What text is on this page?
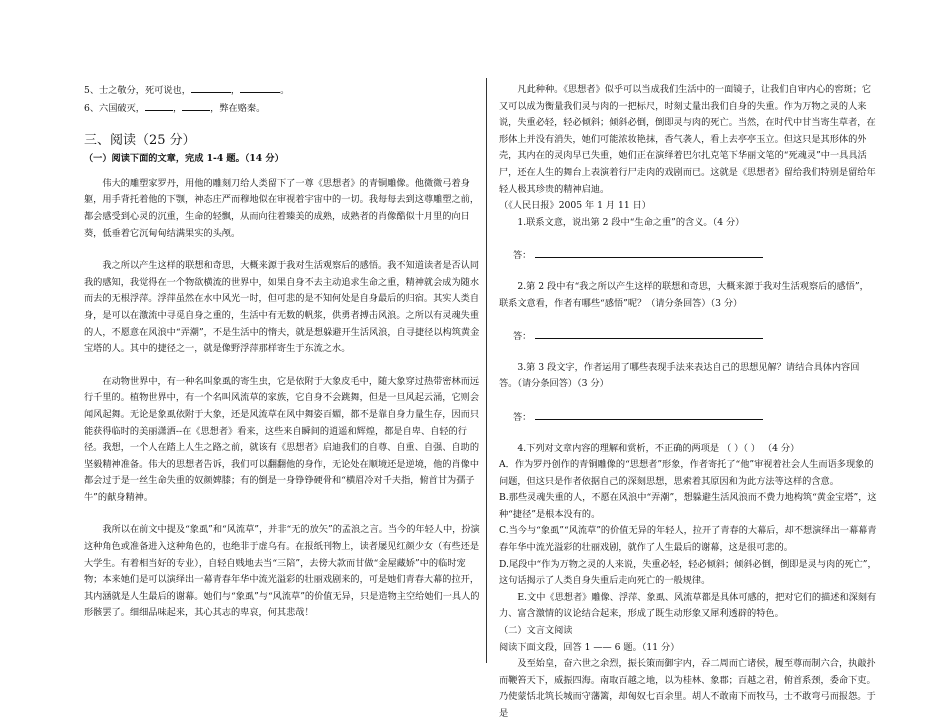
5、士之敬分，死可说也，	，	。

6、六国破灭，	，	，弊在赂秦。

三、阅读（25 分）

（一）阅读下面的文章，完成 1-4 题。（14 分）

伟大的雕塑家罗丹，用他的雕刻刀给人类留下了一尊《思想者》的青铜雕像。他微微弓着身躯，用手背托着他的下颚，神态庄严而穆地似在审视着宇宙中的一切。我每每去到这尊雕塑之前，都会感受到心灵的沉重，生命的轻飘，从而向往着臻美的成熟，成熟者的肖像酷似十月里的向日葵，低垂着它沉甸甸结满果实的头颅。

我之所以产生这样的联想和奇思，大概来源于我对生活观察后的感悟。我不知道读者是否认同我的感知，我觉得在一个物欲横流的世界中，如果自身不去主动追求生命之重，精神就会成为随水而去的无根浮萍。浮萍虽然在水中风光一时，但可悲的是不知何处是自身最后的归宿。其实人类自身，是可以在激流中寻觅自身之重的，生活中有无数的帆浆，供勇者搏击风浪。之所以有灵魂失重的人，不愿意在风浪中“弄潮”，不是生活中的惰夫，就是想躲避开生活风浪，自寻捷径以构筑黄金宝塔的人。其中的捷径之一，就是像野浮萍那样寄生于东流之水。

在动物世界中，有一种名叫象虱的寄生虫，它是依附于大象皮毛中，随大象穿过热带密林而远行千里的。植物世界中，有一个名叫风流草的家族，它自身不会跳舞，但是一旦风起云涌，它则会闻风起舞。无论是象虱依附于大象，还是风流草在风中舞姿百媚，都不是靠自身力量生存，因而只能获得临时的美丽潇洒--在《思想者》看来，这些来自瞬间的逍遥和辉煌，都是自卑、自轻的行径。我想，一个人在踏上人生之路之前，就该有《思想者》启迪我们的自尊、自重、自强、自助的坚毅精神准备。伟大的思想者告诉，我们可以翻翻他的身作，无论处在顺境还是逆境，他的肖像中都会过于是一丝生命失重的奴颜婢膝；有的倒是一身铮铮硬骨和“横眉冷对千夫指，俯首甘为孺子牛”的献身精神。

我所以在前文中提及“象虱”和“风流草”，并非“无的放矢”的孟浪之言。当今的年轻人中，扮演这种角色或准备进入这种角色的，也绝非于虚乌有。在报纸刊物上，读者屡见红颜少女（有些还是大学生。有着相当好的专业），自轻自贱地去当“三陪”，去傍大款而甘做“金屋藏娇”中的临时宠物；本来她们是可以演绎出一幕青春年华中流光溢彩的壮丽戏剧来的，可是她们青春大幕的拉开，其内涵就是人生最后的谢幕。她们与“象虱”与“风流草”的价值无异，只是造物主空给她们一具人的形骸罢了。细细品味起来，其心其志的卑哀，何其悲哉！

凡此种种。《思想者》似乎可以当成我们生活中的一面镜子，让我们自审内心的窖斑；它又可以成为衡量我们灵与肉的一把标尺，时刻丈量出我们自身的失重。作为万物之灵的人来说，失重必轻，轻必倾斜；倾斜必倒，倒即灵与肉的死亡。当然，在时代中甘当寄生草者，在形体上并没有消失，她们可能浓妆艳抹，香气袭人，看上去亭亭玉立。但这只是其形体的外壳，其内在的灵肉早已失重，她们正在演绎着巴尔扎克笔下华丽文笔的“死魂灵”中一具具活尸，还在人生的舞台上表演着行尸走肉的戏剧而已。这就是《思想者》留给我们特别是留给年轻人极其珍贵的精神启迪。

（《人民日报》2005 年 1 月 11 日）

1.联系文意，说出第 2 段中“生命之重”的含义。（4 分）

答：

2.第 2 段中有“我之所以产生这样的联想和奇思，大概来源于我对生活观察后的感悟”，联系文意看，作者有哪些“感悟”呢？（请分条回答）（3 分）

答：

3.第 3 段文字，作者运用了哪些表现手法来表达自己的思想见解？请结合具体内容回答。（请分条回答）（3 分）

答：

4.下列对文章内容的理解和赏析，不正确的两项是 （ ）（ ） （4 分）

A．作为罗丹创作的青铜雕像的“思想者”形象，作者寄托了“他”审视着社会人生而语多现象的问题，但这只是作者依据自己的深刻思想，思索着其原因和为此方法等这样的含意。

B.那些灵魂失重的人，不愿在风浪中“弄潮”，想躲避生活风浪而不费力地构筑“黄金宝塔”，这种“捷径”是根本没有的。

C.当今与“象虱”“风流草”的价值无异的年轻人，拉开了青春的大幕后，却不想演绎出一幕幕青春年华中流光溢彩的壮丽戏剧，就作了人生最后的谢幕，这是很可悲的。

D.尾段中“作为万物之灵的人来说，失重必轻，轻必倾斜；倾斜必倒，倒即是灵与肉的死亡”，这句话揭示了人类自身失重后走向死亡的一般规律。

E.文中《思想者》雕像、浮萍、象虱、风流草都是具体可感的，把对它们的描述和深刻有力、富含激情的议论结合起来，形成了既生动形象又犀利透辟的特色。

（二）文言文阅读

阅读下面文段，回答 1 —— 6 题。（11 分）

及至始皇，奋六世之余烈，振长策而御宇内，吞二周而亡诸侯，履至尊而制六合，执敲扑而鞭笞天下，威振四海。南取百越之地，以为桂林、象郡；百越之君，俯首系颈，委命下吏。乃使蒙恬北筑长城而守藩篱，却匈奴七百余里。胡人不敢南下而牧马，士不敢弯弓而报怨。于是
